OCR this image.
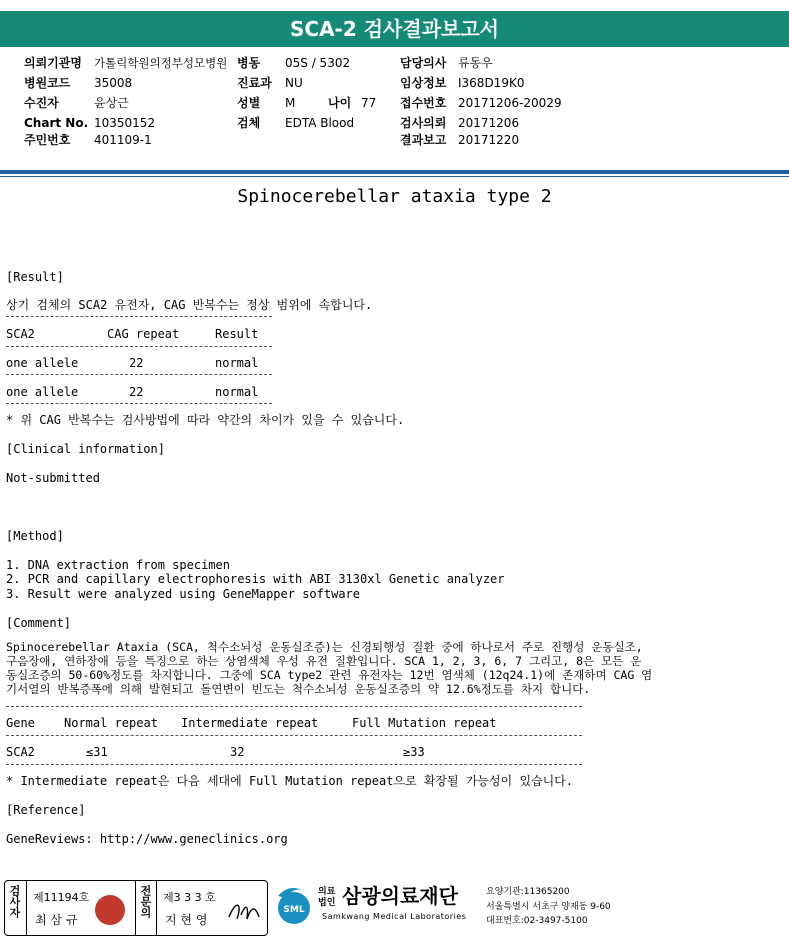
SCA-2 검사결과보고서
의뢰기관명 가톨릭학원의정부성모병원 병동 05S / 5302	담당의사 류동우
병원코드 35008	진료과 NU	임상정보 I368D19K0
수진자	윤상근	성별 M	나이 77 접수번호 20171206-20029
Chart No. 10350152	검체 EDTA Blood	검사의뢰 20171206
주민번호 401109-1	결과보고 20171220
Spinocerebellar ataxia type 2
[Result]
상기 검체의 SCA2 유전자, CAG 반복수는 정상 범위에 속합니다.
SCA2	CAG repeat	Result
one allele	22	normal
one allele	22	normal
* 위 CAG 반복수는 검사방법에 따라 약간의 차이가 있을 수 있습니다.
[Clinical information]
Not-submitted
[Method]
1. DNA extraction from specimen
2. PCR and capillary electrophoresis with ABI 3130xl Genetic analyzer
3. Result were analyzed using GeneMapper software
[Comment]
Spinocerebellar Ataxia (SCA, 척수소뇌성 운동실조증)는 신경퇴행성 질환 중에 하나로서 주로 진행성 운동실조,
구음장애, 연하장애 등을 특징으로 하는 상염색체 우성 유전 질환입니다. SCA 1, 2, 3, 6, 7 그리고, 8은 모든 운
동실조증의 50-60%정도를 차지합니다. 그중에 SCA type2 관련 유전자는 12번 염색체 (12q24.1)에 존재하며 CAG 염
기서열의 반복증폭에 의해 발현되고 돌연변이 빈도는 척수소뇌성 운동실조증의 약 12.6%정도를 차지 합니다.
Gene Normal repeat Intermediate repeat	Full Mutation repeat
SCA2	≤31	32	≥33
* Intermediate repeat은 다음 세대에 Full Mutation repeat으로 확장될 가능성이 있습니다.
[Reference]
GeneReviews: http://www.geneclinics.org
검사자 제11194호
최 삼 규
전문의 제3 3 3 호
지 현 영
SML
의료
법인 삼광의료재단
Samkwang Medical Laboratories
요양기관:11365200
서울특별시 서초구 양재동 9-60
대표번호:02-3497-5100
